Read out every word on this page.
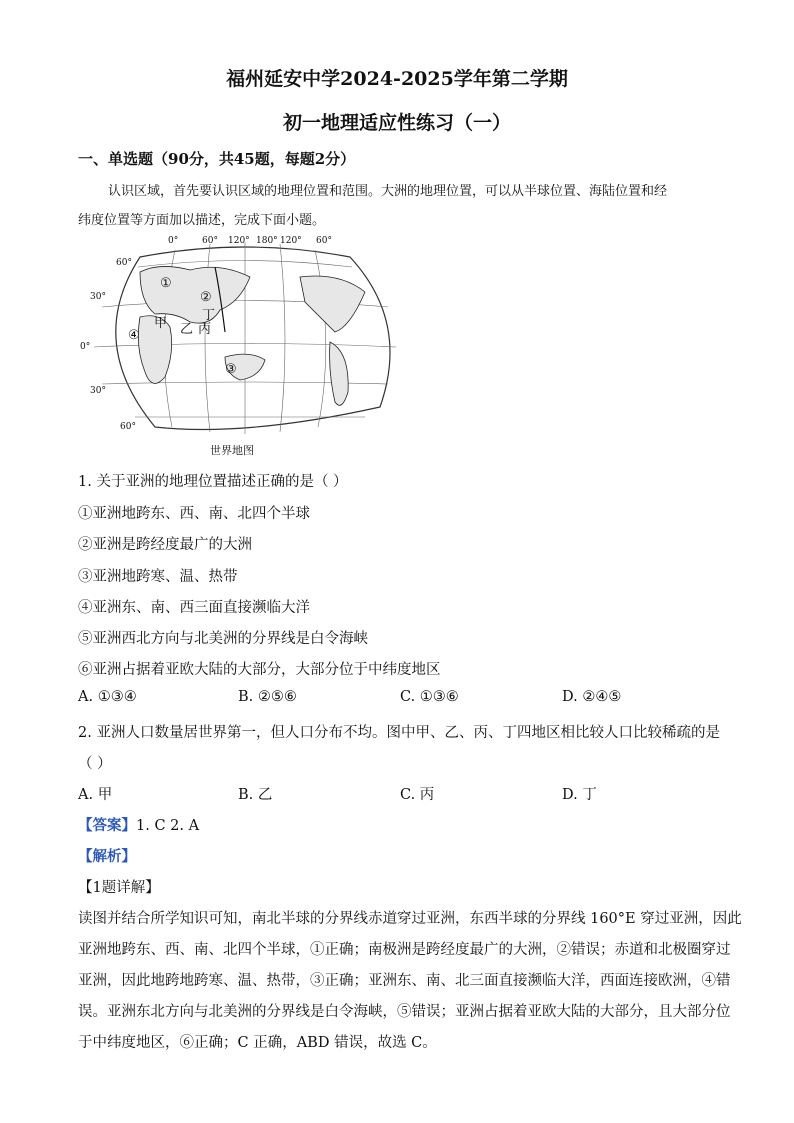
福州延安中学2024-2025学年第二学期
初一地理适应性练习（一）
一、单选题（90分，共45题，每题2分）
认识区域，首先要认识区域的地理位置和范围。大洲的地理位置，可以从半球位置、海陆位置和经
纬度位置等方面加以描述，完成下面小题。
0°	60° 120° 180° 120° 60°
60°
30°
0°
30°
60°
①
②
③
④
甲 乙 丙
丁
世界地图
1. 关于亚洲的地理位置描述正确的是（ ）
①亚洲地跨东、西、南、北四个半球
②亚洲是跨经度最广的大洲
③亚洲地跨寒、温、热带
④亚洲东、南、西三面直接濒临大洋
⑤亚洲西北方向与北美洲的分界线是白令海峡
⑥亚洲占据着亚欧大陆的大部分，大部分位于中纬度地区
A. ①③④	B. ②⑤⑥	C. ①③⑥	D. ②④⑤
2. 亚洲人口数量居世界第一，但人口分布不均。图中甲、乙、丙、丁四地区相比较人口比较稀疏的是
（ ）
A. 甲	B. 乙	C. 丙	D. 丁
【答案】1. C 2. A
【解析】
【1题详解】
读图并结合所学知识可知，南北半球的分界线赤道穿过亚洲，东西半球的分界线 160°E 穿过亚洲，因此
亚洲地跨东、西、南、北四个半球，①正确；南极洲是跨经度最广的大洲，②错误；赤道和北极圈穿过
亚洲，因此地跨地跨寒、温、热带，③正确；亚洲东、南、北三面直接濒临大洋，西面连接欧洲，④错
误。亚洲东北方向与北美洲的分界线是白令海峡，⑤错误；亚洲占据着亚欧大陆的大部分，且大部分位
于中纬度地区，⑥正确；C 正确，ABD 错误，故选 C。
